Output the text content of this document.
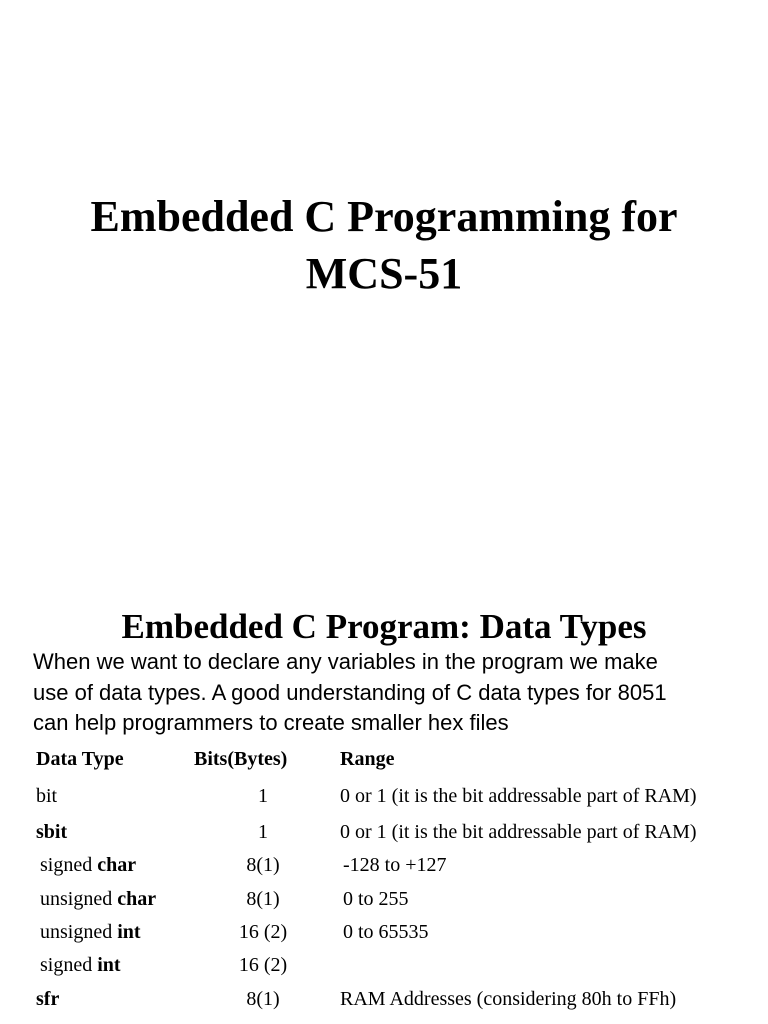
Embedded C Programming for
MCS-51
Embedded C Program: Data Types
When we want to declare any variables in the program we make
use of data types. A good understanding of C data types for 8051
can help programmers to create smaller hex files
Data Type	Bits(Bytes)	Range
bit	1	0 or 1 (it is the bit addressable part of RAM)
sbit	1	0 or 1 (it is the bit addressable part of RAM)
signed char	8(1)	-128 to +127
unsigned char	8(1)	0 to 255
unsigned int	16 (2)	0 to 65535
signed int	16 (2)
sfr	8(1)	RAM Addresses (considering 80h to FFh)
